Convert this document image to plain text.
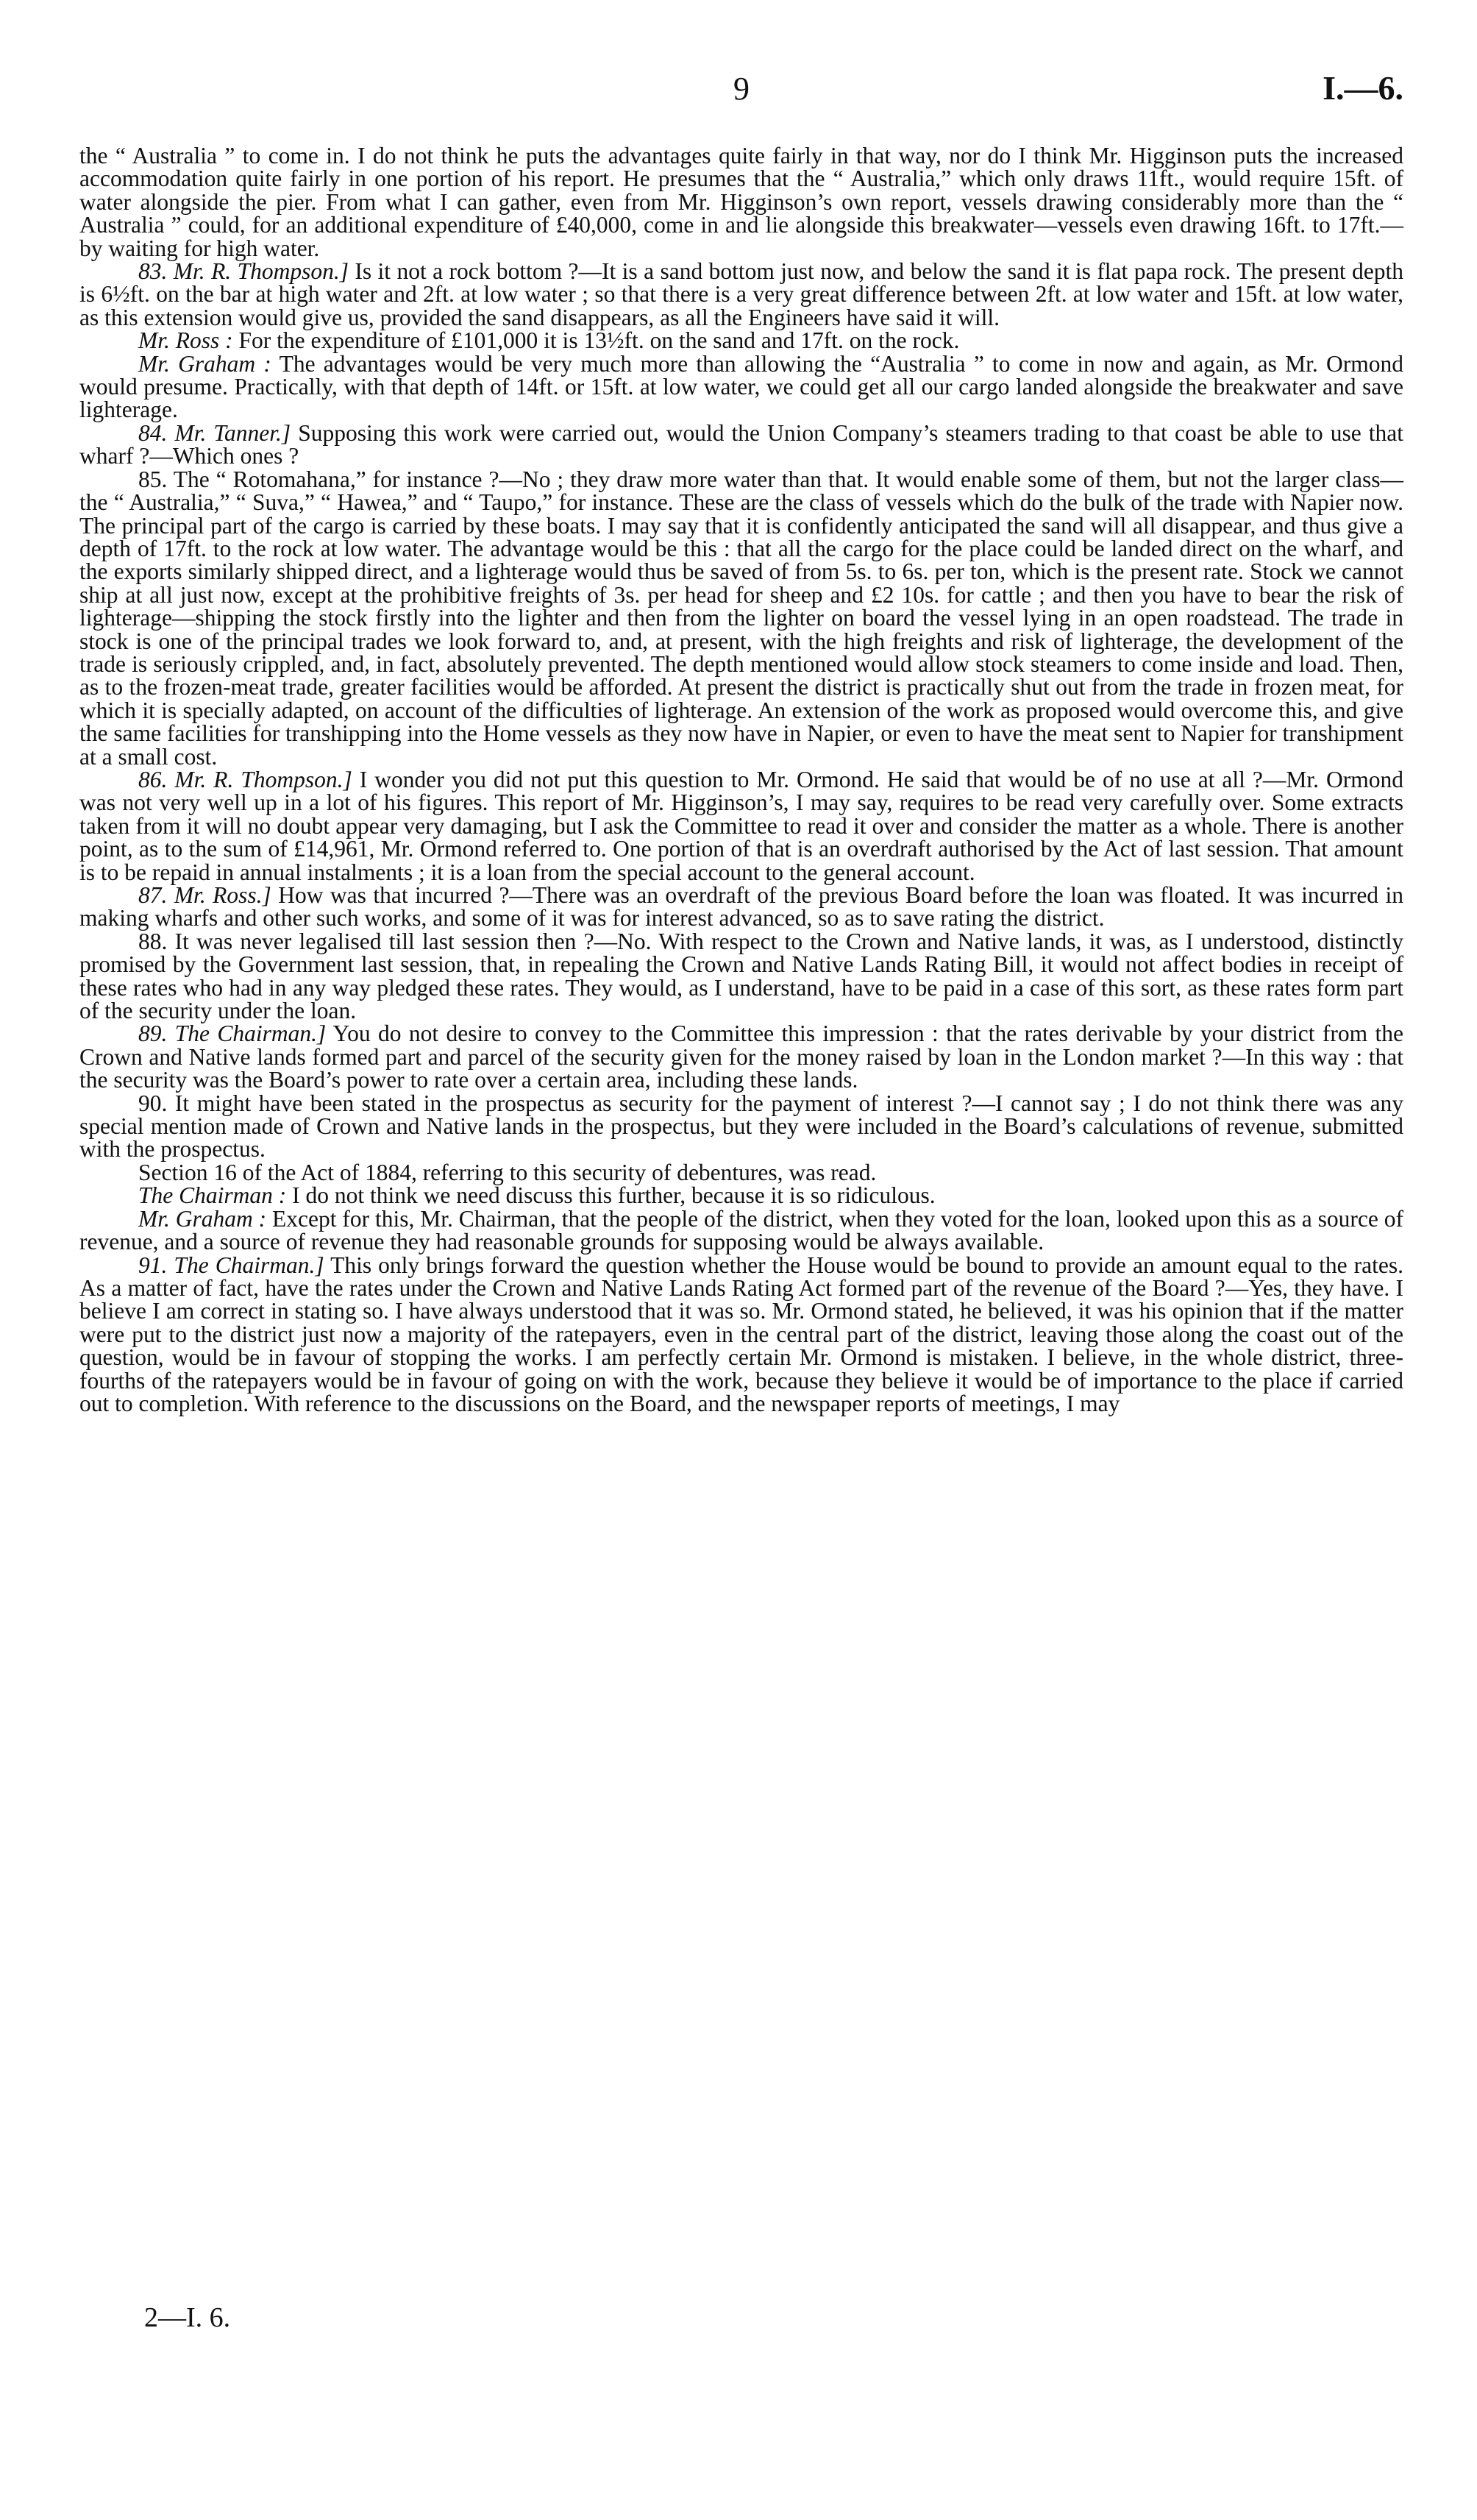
9	I.—6.

the “ Australia ” to come in. I do not think he puts the advantages quite fairly in that way, nor do I think Mr. Higginson puts the increased accommodation quite fairly in one portion of his report. He presumes that the “ Australia,” which only draws 11ft., would require 15ft. of water alongside the pier. From what I can gather, even from Mr. Higginson’s own report, vessels drawing considerably more than the “ Australia ” could, for an additional expenditure of £40,000, come in and lie alongside this breakwater—vessels even drawing 16ft. to 17ft.—by waiting for high water.

83. Mr. R. Thompson.] Is it not a rock bottom ?—It is a sand bottom just now, and below the sand it is flat papa rock. The present depth is 6½ft. on the bar at high water and 2ft. at low water ; so that there is a very great difference between 2ft. at low water and 15ft. at low water, as this extension would give us, provided the sand disappears, as all the Engineers have said it will.

Mr. Ross : For the expenditure of £101,000 it is 13½ft. on the sand and 17ft. on the rock.

Mr. Graham : The advantages would be very much more than allowing the “Australia ” to come in now and again, as Mr. Ormond would presume. Practically, with that depth of 14ft. or 15ft. at low water, we could get all our cargo landed alongside the breakwater and save lighterage.

84. Mr. Tanner.] Supposing this work were carried out, would the Union Company’s steamers trading to that coast be able to use that wharf ?—Which ones ?

85. The “ Rotomahana,” for instance ?—No ; they draw more water than that. It would enable some of them, but not the larger class—the “ Australia,” “ Suva,” “ Hawea,” and “ Taupo,” for instance. These are the class of vessels which do the bulk of the trade with Napier now. The principal part of the cargo is carried by these boats. I may say that it is confidently anticipated the sand will all disappear, and thus give a depth of 17ft. to the rock at low water. The advantage would be this : that all the cargo for the place could be landed direct on the wharf, and the exports similarly shipped direct, and a lighterage would thus be saved of from 5s. to 6s. per ton, which is the present rate. Stock we cannot ship at all just now, except at the prohibitive freights of 3s. per head for sheep and £2 10s. for cattle ; and then you have to bear the risk of lighterage—shipping the stock firstly into the lighter and then from the lighter on board the vessel lying in an open roadstead. The trade in stock is one of the principal trades we look forward to, and, at present, with the high freights and risk of lighterage, the development of the trade is seriously crippled, and, in fact, absolutely prevented. The depth mentioned would allow stock steamers to come inside and load. Then, as to the frozen-meat trade, greater facilities would be afforded. At present the district is practically shut out from the trade in frozen meat, for which it is specially adapted, on account of the difficulties of lighterage. An extension of the work as proposed would overcome this, and give the same facilities for transhipping into the Home vessels as they now have in Napier, or even to have the meat sent to Napier for transhipment at a small cost.

86. Mr. R. Thompson.] I wonder you did not put this question to Mr. Ormond. He said that would be of no use at all ?—Mr. Ormond was not very well up in a lot of his figures. This report of Mr. Higginson’s, I may say, requires to be read very carefully over. Some extracts taken from it will no doubt appear very damaging, but I ask the Committee to read it over and consider the matter as a whole. There is another point, as to the sum of £14,961, Mr. Ormond referred to. One portion of that is an overdraft authorised by the Act of last session. That amount is to be repaid in annual instalments ; it is a loan from the special account to the general account.

87. Mr. Ross.] How was that incurred ?—There was an overdraft of the previous Board before the loan was floated. It was incurred in making wharfs and other such works, and some of it was for interest advanced, so as to save rating the district.

88. It was never legalised till last session then ?—No. With respect to the Crown and Native lands, it was, as I understood, distinctly promised by the Government last session, that, in repealing the Crown and Native Lands Rating Bill, it would not affect bodies in receipt of these rates who had in any way pledged these rates. They would, as I understand, have to be paid in a case of this sort, as these rates form part of the security under the loan.

89. The Chairman.] You do not desire to convey to the Committee this impression : that the rates derivable by your district from the Crown and Native lands formed part and parcel of the security given for the money raised by loan in the London market ?—In this way : that the security was the Board’s power to rate over a certain area, including these lands.

90. It might have been stated in the prospectus as security for the payment of interest ?—I cannot say ; I do not think there was any special mention made of Crown and Native lands in the prospectus, but they were included in the Board’s calculations of revenue, submitted with the prospectus.

Section 16 of the Act of 1884, referring to this security of debentures, was read.

The Chairman : I do not think we need discuss this further, because it is so ridiculous.

Mr. Graham : Except for this, Mr. Chairman, that the people of the district, when they voted for the loan, looked upon this as a source of revenue, and a source of revenue they had reasonable grounds for supposing would be always available.

91. The Chairman.] This only brings forward the question whether the House would be bound to provide an amount equal to the rates. As a matter of fact, have the rates under the Crown and Native Lands Rating Act formed part of the revenue of the Board ?—Yes, they have. I believe I am correct in stating so. I have always understood that it was so. Mr. Ormond stated, he believed, it was his opinion that if the matter were put to the district just now a majority of the ratepayers, even in the central part of the district, leaving those along the coast out of the question, would be in favour of stopping the works. I am perfectly certain Mr. Ormond is mistaken. I believe, in the whole district, three-fourths of the ratepayers would be in favour of going on with the work, because they believe it would be of importance to the place if carried out to completion. With reference to the discussions on the Board, and the newspaper reports of meetings, I may

2—I. 6.
